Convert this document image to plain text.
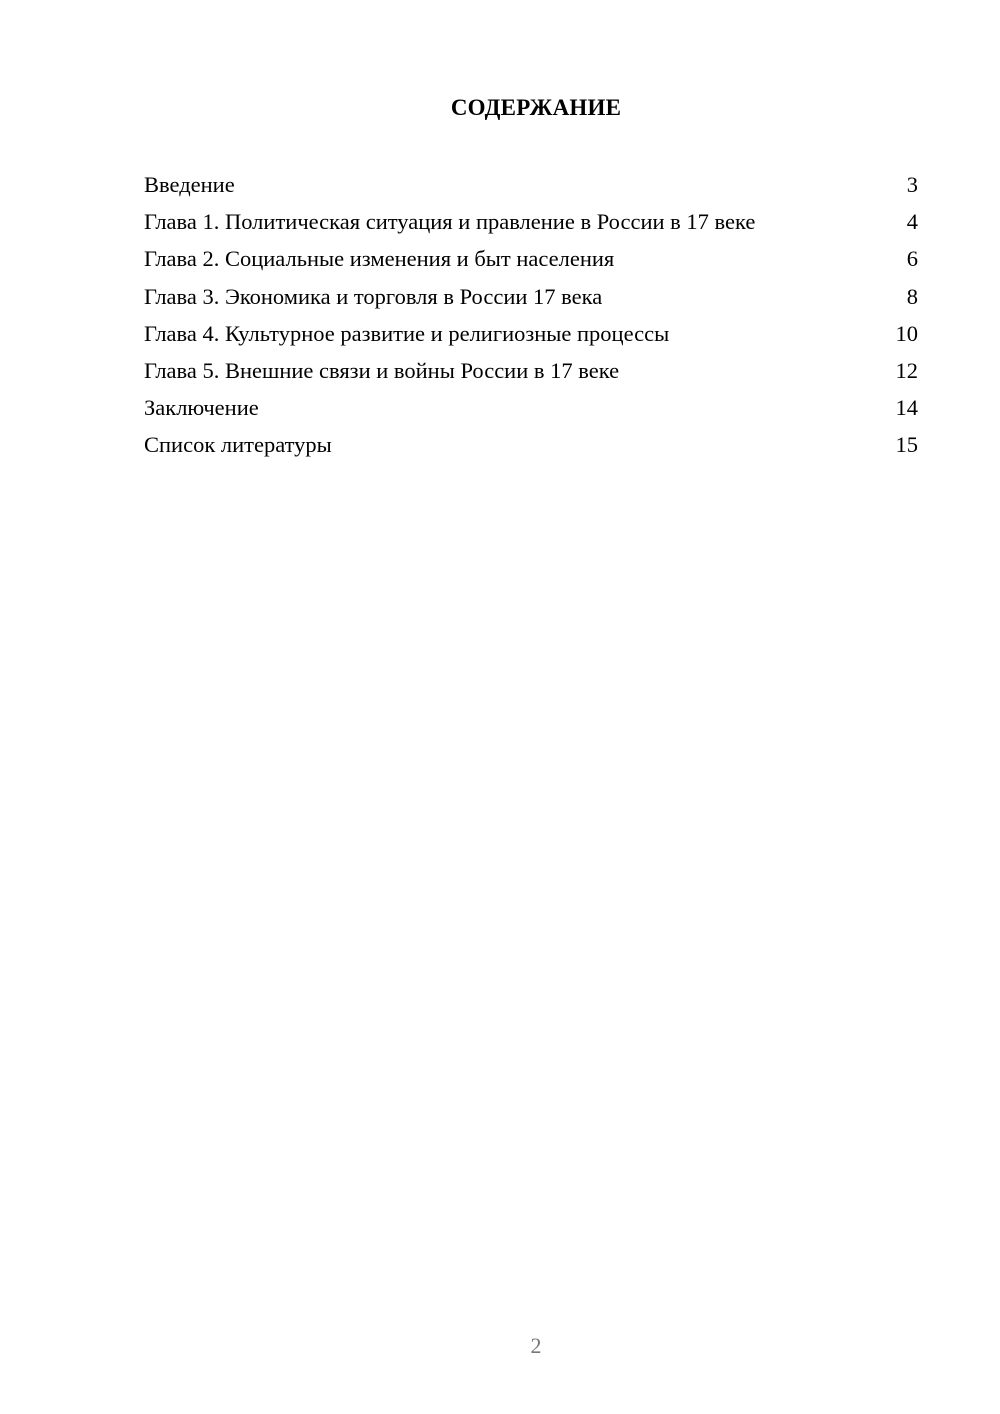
СОДЕРЖАНИЕ
Введение	3
Глава 1. Политическая ситуация и правление в России в 17 веке	4
Глава 2. Социальные изменения и быт населения	6
Глава 3. Экономика и торговля в России 17 века	8
Глава 4. Культурное развитие и религиозные процессы	10
Глава 5. Внешние связи и войны России в 17 веке	12
Заключение	14
Список литературы	15
2
